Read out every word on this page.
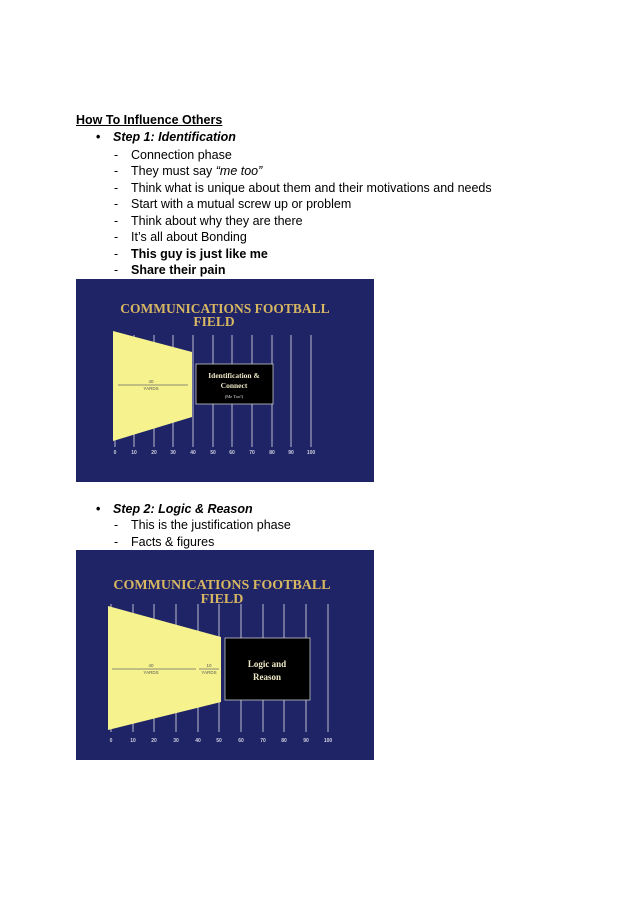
How To Influence Others
• Step 1: Identification
- Connection phase
- They must say “me too”
- Think what is unique about them and their motivations and needs
- Start with a mutual screw up or problem
- Think about why they are there
- It’s all about Bonding
- This guy is just like me
- Share their pain
COMMUNICATIONS FOOTBALL
FIELD
40
YARDS
Identification &
Connect
(Me Too!)
0	10	20	30	40	50	60	70	80	90	100
• Step 2: Logic & Reason
- This is the justification phase
- Facts & figures
COMMUNICATIONS FOOTBALL
FIELD
40
YARDS
10
YARDS
Logic and
Reason
0	10	20	30	40	50	60	70	80	90	100
